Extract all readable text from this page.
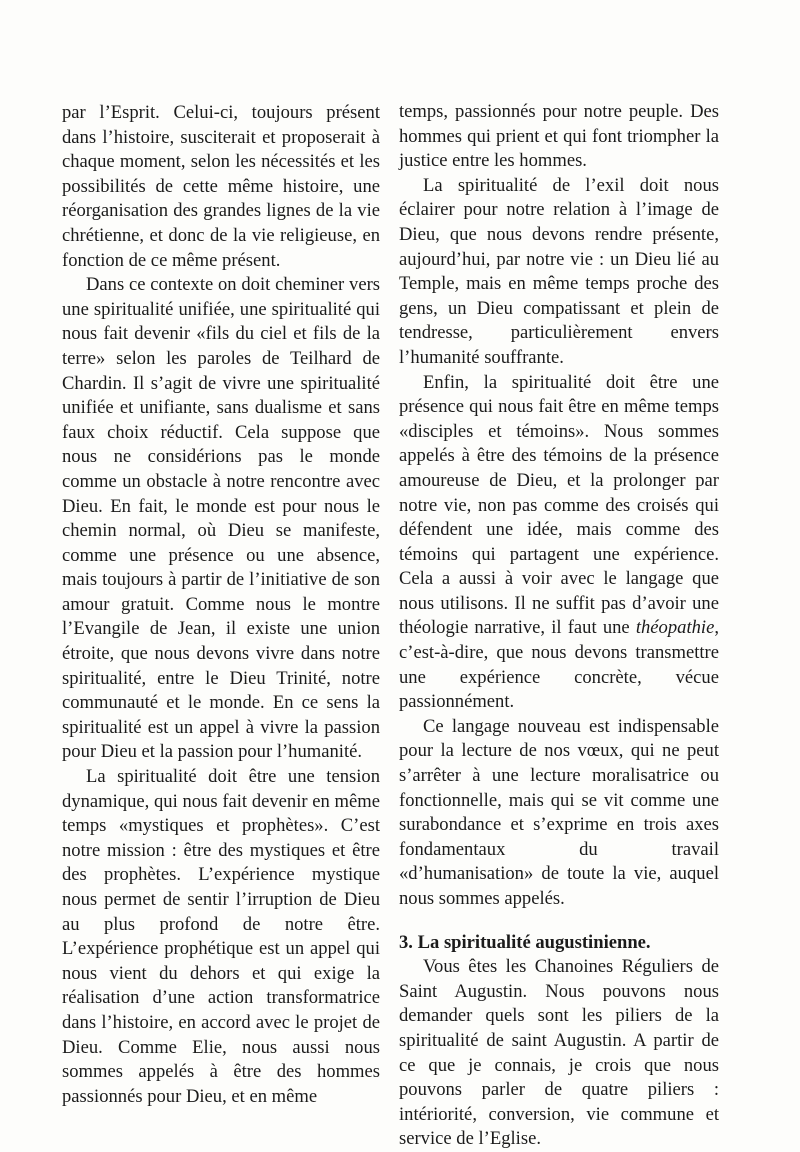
par l’Esprit. Celui-ci, toujours présent dans l’histoire, susciterait et proposerait à chaque moment, selon les nécessités et les possibilités de cette même histoire, une réorganisation des grandes lignes de la vie chrétienne, et donc de la vie religieuse, en fonction de ce même présent.

Dans ce contexte on doit cheminer vers une spiritualité unifiée, une spiritualité qui nous fait devenir «fils du ciel et fils de la terre» selon les paroles de Teilhard de Chardin. Il s’agit de vivre une spiritualité unifiée et unifiante, sans dualisme et sans faux choix réductif. Cela suppose que nous ne considérions pas le monde comme un obstacle à notre rencontre avec Dieu. En fait, le monde est pour nous le chemin normal, où Dieu se manifeste, comme une présence ou une absence, mais toujours à partir de l’initiative de son amour gratuit. Comme nous le montre l’Evangile de Jean, il existe une union étroite, que nous devons vivre dans notre spiritualité, entre le Dieu Trinité, notre communauté et le monde. En ce sens la spiritualité est un appel à vivre la passion pour Dieu et la passion pour l’humanité.

La spiritualité doit être une tension dynamique, qui nous fait devenir en même temps «mystiques et prophètes». C’est notre mission : être des mystiques et être des prophètes. L’expérience mystique nous permet de sentir l’irruption de Dieu au plus profond de notre être. L’expérience prophétique est un appel qui nous vient du dehors et qui exige la réalisation d’une action transformatrice dans l’histoire, en accord avec le projet de Dieu. Comme Elie, nous aussi nous sommes appelés à être des hommes passionnés pour Dieu, et en même

temps, passionnés pour notre peuple. Des hommes qui prient et qui font triompher la justice entre les hommes.

La spiritualité de l’exil doit nous éclairer pour notre relation à l’image de Dieu, que nous devons rendre présente, aujourd’hui, par notre vie : un Dieu lié au Temple, mais en même temps proche des gens, un Dieu compatissant et plein de tendresse, particulièrement envers l’humanité souffrante.

Enfin, la spiritualité doit être une présence qui nous fait être en même temps «disciples et témoins». Nous sommes appelés à être des témoins de la présence amoureuse de Dieu, et la prolonger par notre vie, non pas comme des croisés qui défendent une idée, mais comme des témoins qui partagent une expérience. Cela a aussi à voir avec le langage que nous utilisons. Il ne suffit pas d’avoir une théologie narrative, il faut une théopathie, c’est-à-dire, que nous devons transmettre une expérience concrète, vécue passionnément.

Ce langage nouveau est indispensable pour la lecture de nos vœux, qui ne peut s’arrêter à une lecture moralisatrice ou fonctionnelle, mais qui se vit comme une surabondance et s’exprime en trois axes fondamentaux du travail «d’humanisation» de toute la vie, auquel nous sommes appelés.

3. La spiritualité augustinienne.

Vous êtes les Chanoines Réguliers de Saint Augustin. Nous pouvons nous demander quels sont les piliers de la spiritualité de saint Augustin. A partir de ce que je connais, je crois que nous pouvons parler de quatre piliers : intériorité, conversion, vie commune et service de l’Eglise.
